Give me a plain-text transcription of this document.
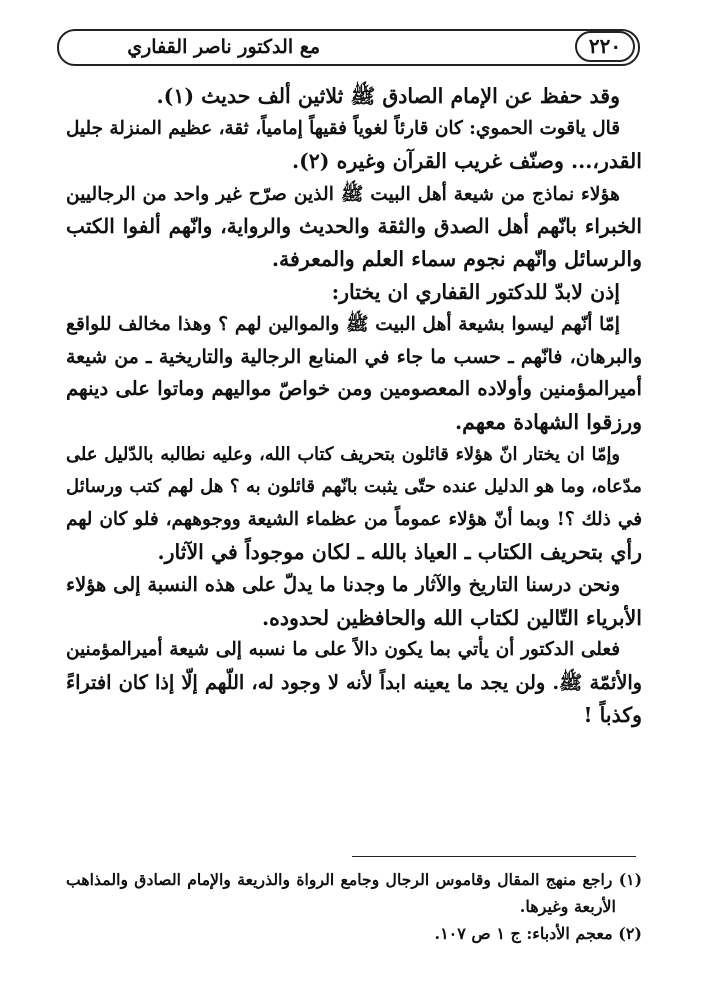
٢٢٠
مع الدكتور ناصر القفاري

وقد حفظ عن الإمام الصادق ﷺ ثلاثين ألف حديث (١).

قال ياقوت الحموي: كان قارئاً لغوياً فقيهاً إمامياً، ثقة، عظيم المنزلة جليل
القدر،... وصنّف غريب القرآن وغيره (٢).

هؤلاء نماذج من شيعة أهل البيت ﷺ الذين صرّح غير واحد من الرجاليين
الخبراء بانّهم أهل الصدق والثقة والحديث والرواية، وانّهم ألفوا الكتب
والرسائل وانّهم نجوم سماء العلم والمعرفة.

إذن لابدّ للدكتور القفاري ان يختار:

إمّا أنّهم ليسوا بشيعة أهل البيت ﷺ والموالين لهم ؟ وهذا مخالف للواقع
والبرهان، فانّهم ـ حسب ما جاء في المنابع الرجالية والتاريخية ـ من شيعة
أميرالمؤمنين وأولاده المعصومين ومن خواصّ مواليهم وماتوا على دينهم
ورزقوا الشهادة معهم.

وإمّا ان يختار انّ هؤلاء قائلون بتحريف كتاب الله، وعليه نطالبه بالدّليل على
مدّعاه، وما هو الدليل عنده حتّى يثبت بانّهم قائلون به ؟ هل لهم كتب ورسائل
في ذلك ؟! وبما أنّ هؤلاء عموماً من عظماء الشيعة ووجوههم، فلو كان لهم
رأي بتحريف الكتاب ـ العياذ بالله ـ لكان موجوداً في الآثار.

ونحن درسنا التاريخ والآثار ما وجدنا ما يدلّ على هذه النسبة إلى هؤلاء
الأبرياء التّالين لكتاب الله والحافظين لحدوده.

فعلى الدكتور أن يأتي بما يكون دالاً على ما نسبه إلى شيعة أميرالمؤمنين
والأئمّة ﷺ. ولن يجد ما يعينه ابداً لأنه لا وجود له، اللّهم إلّا إذا كان افتراءً
وكذباً !

(١) راجع منهج المقال وقاموس الرجال وجامع الرواة والذريعة والإمام الصادق والمذاهب
الأربعة وغيرها.

(٢) معجم الأدباء: ج ١ ص ١٠٧.
